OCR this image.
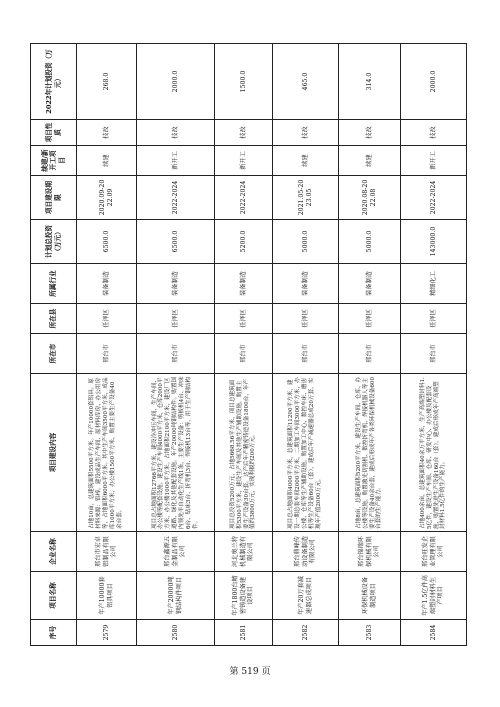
序号	项目名称	企业名称	项目建设内容	所在市	所在县	所属行业	计划总投资（万元）	项目建设期限	续建/新开工项目	项目性质	2022年计划投资（万元）
2579	年产10000套铝具项目	邢台市宏卓铝制品有限公司	占地10亩，总建筑面积5500平方米。年产10000套铝具。原材料来源：铝棒。建设成品生产车间、原材料库房、办公用房等，占地面积6000平方米。其中生产车间3500平方米，成品库1000平方米，办公楼1500平方米，购置主要生产设备40余台套。	邢台市	任泽区	装备制造	6500.0	2020.09-2022.09	续建	技改	268.0
2580	年产20000吨钢结构件项目	邢台鑫源五金制品有限公司	项目总占地面积12766平方米，建设冷冲压车间、生产车间、办公楼等配套设施。建设生产车间4000平方米，仓库2000平方米，办公楼1000平方米。占地面积2100平方米，建设厂区道路、绿化及其他配套设施。年产20000吨钢结构件。购置国内领先半自动化生产线1条，主要生产设备：剪板机4台、冲床6台、钻床3台、折弯机3台、焊接机13台等，用于生产钢结构件。	邢台市	任泽区	装备制造	6500.0	2022-2024	新开工	技改	2000.0
2581	年产1800台精密铸造设备建设项目	河北奥兰特机械制造有限公司	项目总投资5200万元，占地5668.56平方米，项目总建筑面积5300平方米，建设生产车间及其他生产辅助设施。购置主要生产设备30台套。达产后年产精密铸造设备1800台，年产值约3800万元，实现利税约200万元。	邢台市	任泽区	装备制造	5200.0	2022-2024	新开工	技改	1500.0
2582	年产20万套减速器总成项目	邢台鼎峰传动设备制造有限公司	项目总占地面积4000平方米，总建筑面积11200平方米，建设一期总装车间2000平方米，二期加工车间3000平方米，办公楼、仓库等生产辅助设施。购置加工中心、数控车床、磨齿机等生产设备60台（套），建成后年产减速器总成20万套，实现年产值2000万元。	邢台市	任泽区	装备制造	5000.0	2021.05-2023.05	续建	技改	465.0
2583	环保机械设备制造项目	邢台锦瑞环保机械有限公司	占地8亩，总建筑面积5200平方米，建设生产车间、仓库、办公楼等设施，购置激光切割机、数控折弯机、焊接机器人等主要生产设备40余台套，建成后形成年产各类环保机械设备600台套的生产能力。	邢台市	任泽区	装备制造	5000.0	2020.08-2022.08	续建	技改	314.0
2584	年产1.5亿件高端塑封材料生产项目	邢台旺发企业管理有限公司	占地400余亩，总建筑面积40余万平方米，生产高端塑封料1.5亿件，建设生产车间、仓库、研发中心、办公楼及配套设施，购置先进生产设备160台（套），建成后形成年产高端塑封材料1.5亿件的生产能力。	邢台市	任泽区	精细化工	143000.0	2022-2024	新开工	技改	2000.0
第 519 页
